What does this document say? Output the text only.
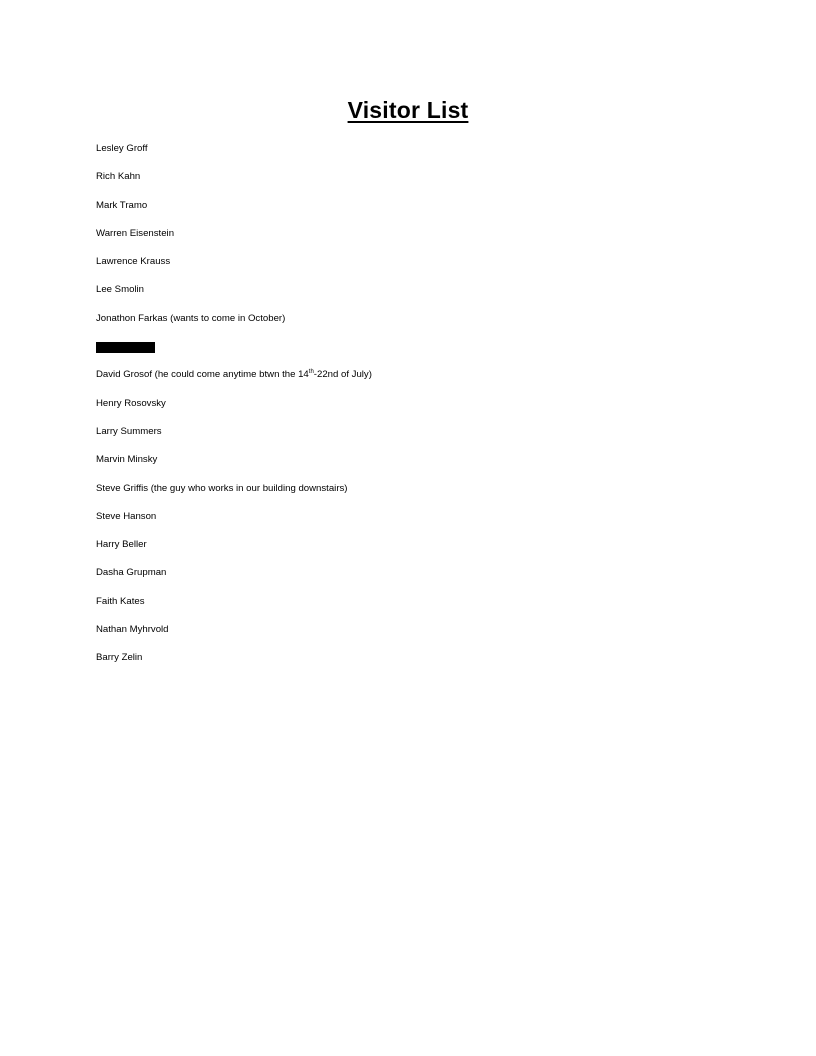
Visitor List
Lesley Groff
Rich Kahn
Mark Tramo
Warren Eisenstein
Lawrence Krauss
Lee Smolin
Jonathon Farkas (wants to come in October)
David Grosof (he could come anytime btwn the 14th-22nd of July)
Henry Rosovsky
Larry Summers
Marvin Minsky
Steve Griffis (the guy who works in our building downstairs)
Steve Hanson
Harry Beller
Dasha Grupman
Faith Kates
Nathan Myhrvold
Barry Zelin
